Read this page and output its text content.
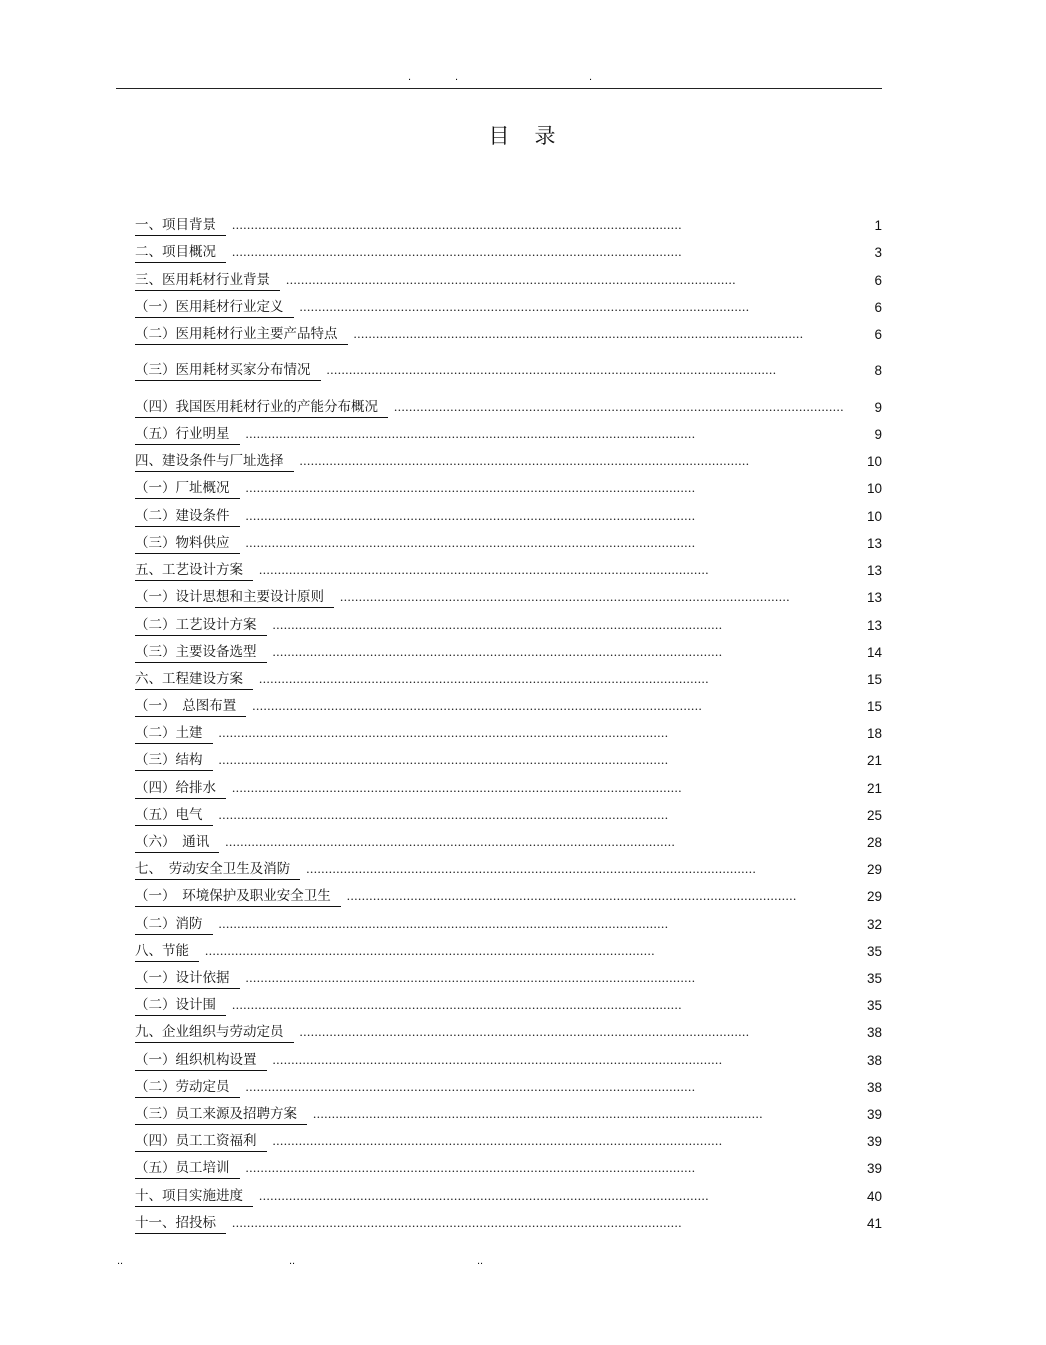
.	.	.
目　录
一、项目背景	........................................................................................................................	1
二、项目概况	........................................................................................................................	3
三、医用耗材行业背景	........................................................................................................................	6
（一）医用耗材行业定义	........................................................................................................................	6
（二）医用耗材行业主要产品特点	........................................................................................................................	6
（三）医用耗材买家分布情况	........................................................................................................................	8
（四）我国医用耗材行业的产能分布概况	........................................................................................................................ 9
（五）行业明星	........................................................................................................................	9
四、建设条件与厂址选择	........................................................................................................................	10
（一）厂址概况	........................................................................................................................	10
（二）建设条件	........................................................................................................................	10
（三）物料供应	........................................................................................................................	13
五、工艺设计方案	........................................................................................................................	13
（一）设计思想和主要设计原则	........................................................................................................................	13
（二）工艺设计方案	........................................................................................................................	13
（三）主要设备选型	........................................................................................................................	14
六、工程建设方案	........................................................................................................................	15
（一）　总图布置	........................................................................................................................	15
（二）土建	........................................................................................................................	18
（三）结构	........................................................................................................................	21
（四）给排水	........................................................................................................................	21
（五）电气	........................................................................................................................	25
（六）　通讯	........................................................................................................................	28
七、　劳动安全卫生及消防	........................................................................................................................	29
（一）　环境保护及职业安全卫生	........................................................................................................................	29
（二）消防	........................................................................................................................	32
八、节能	........................................................................................................................	35
（一）设计依据	........................................................................................................................	35
（二）设计围	........................................................................................................................	35
九、企业组织与劳动定员	........................................................................................................................	38
（一）组织机构设置	........................................................................................................................	38
（二）劳动定员	........................................................................................................................	38
（三）员工来源及招聘方案	........................................................................................................................	39
（四）员工工资福利	........................................................................................................................	39
（五）员工培训	........................................................................................................................	39
十、项目实施进度	........................................................................................................................	40
十一、招投标	........................................................................................................................	41
..	..	..
